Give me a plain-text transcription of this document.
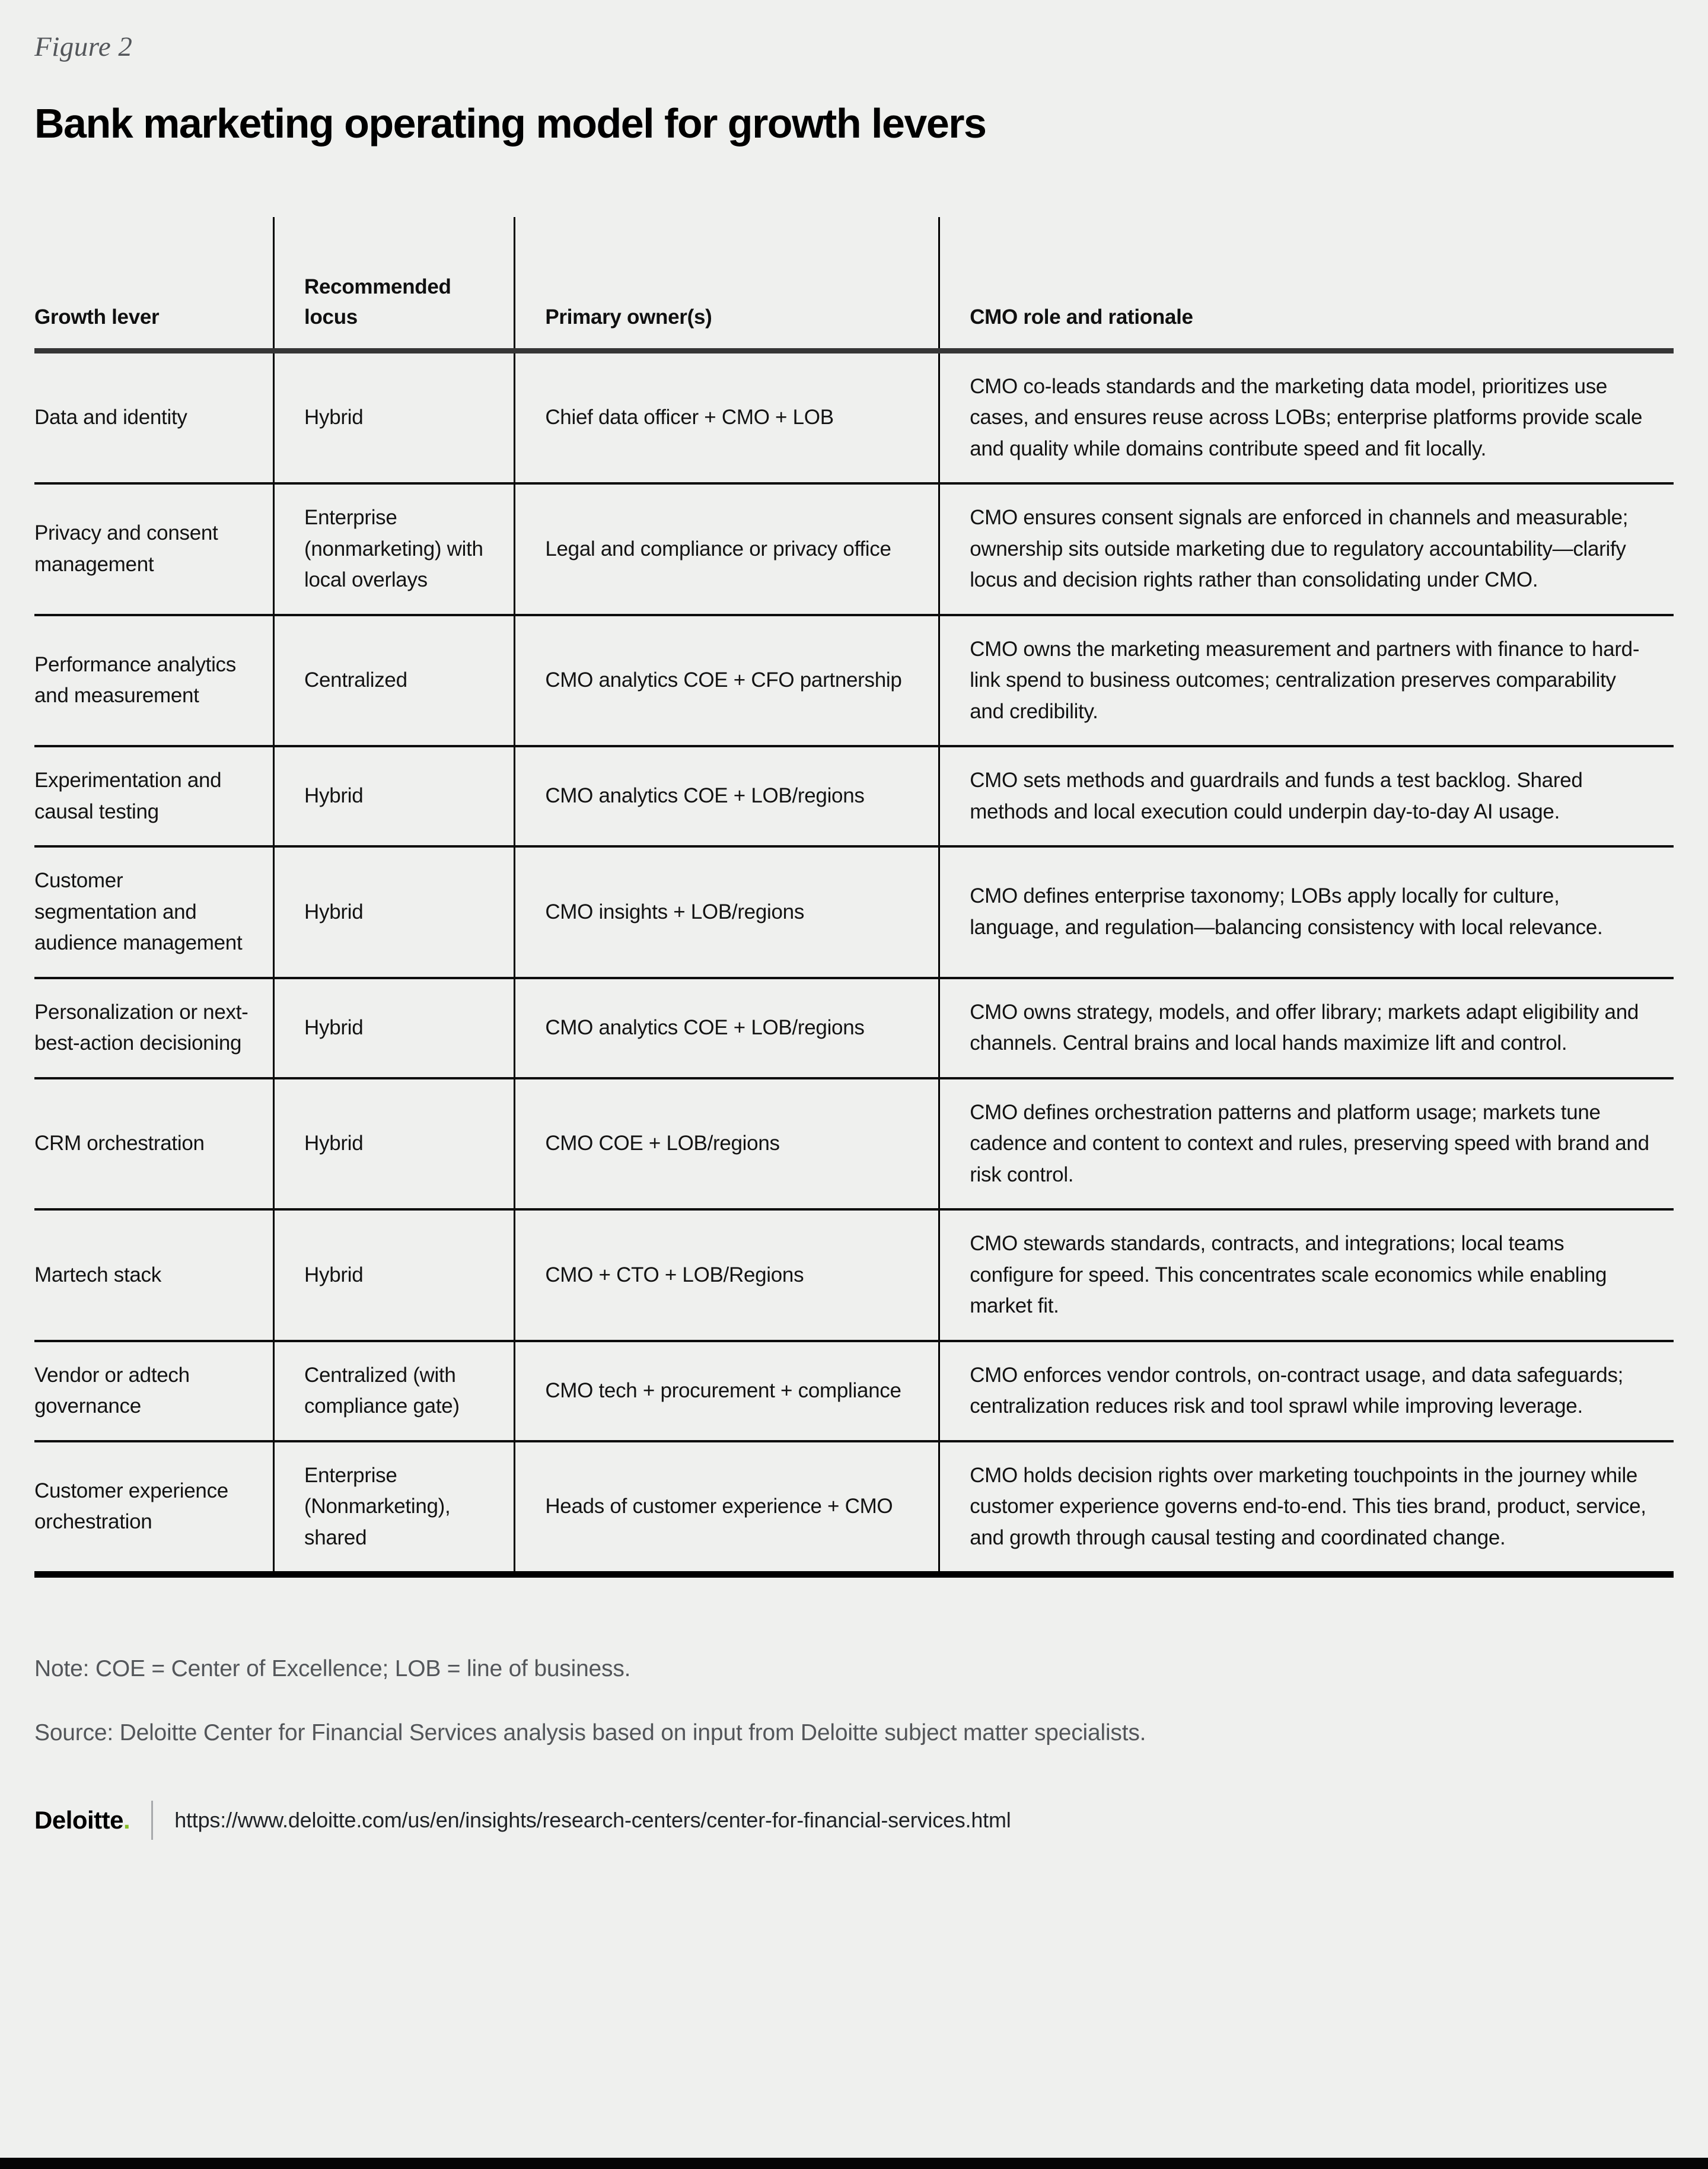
Figure 2
Bank marketing operating model for growth levers
Growth lever	Recommended locus	Primary owner(s)	CMO role and rationale
Data and identity	Hybrid	Chief data officer + CMO + LOB	CMO co-leads standards and the marketing data model, prioritizes use cases, and ensures reuse across LOBs; enterprise platforms provide scale and quality while domains contribute speed and fit locally.
Privacy and consent management	Enterprise (nonmarketing) with local overlays	Legal and compliance or privacy office	CMO ensures consent signals are enforced in channels and measurable; ownership sits outside marketing due to regulatory accountability—clarify locus and decision rights rather than consolidating under CMO.
Performance analytics and measurement	Centralized	CMO analytics COE + CFO partnership	CMO owns the marketing measurement and partners with finance to hard-link spend to business outcomes; centralization preserves comparability and credibility.
Experimentation and causal testing	Hybrid	CMO analytics COE + LOB/regions	CMO sets methods and guardrails and funds a test backlog. Shared methods and local execution could underpin day-to-day AI usage.
Customer segmentation and audience management	Hybrid	CMO insights + LOB/regions	CMO defines enterprise taxonomy; LOBs apply locally for culture, language, and regulation—balancing consistency with local relevance.
Personalization or next-best-action decisioning	Hybrid	CMO analytics COE + LOB/regions	CMO owns strategy, models, and offer library; markets adapt eligibility and channels. Central brains and local hands maximize lift and control.
CRM orchestration	Hybrid	CMO COE + LOB/regions	CMO defines orchestration patterns and platform usage; markets tune cadence and content to context and rules, preserving speed with brand and risk control.
Martech stack	Hybrid	CMO + CTO + LOB/Regions	CMO stewards standards, contracts, and integrations; local teams configure for speed. This concentrates scale economics while enabling market fit.
Vendor or adtech governance	Centralized (with compliance gate)	CMO tech + procurement + compliance	CMO enforces vendor controls, on-contract usage, and data safeguards; centralization reduces risk and tool sprawl while improving leverage.
Customer experience orchestration	Enterprise (Nonmarketing), shared	Heads of customer experience + CMO	CMO holds decision rights over marketing touchpoints in the journey while customer experience governs end-to-end. This ties brand, product, service, and growth through causal testing and coordinated change.
Note: COE = Center of Excellence; LOB = line of business.
Source: Deloitte Center for Financial Services analysis based on input from Deloitte subject matter specialists.
Deloitte. https://www.deloitte.com/us/en/insights/research-centers/center-for-financial-services.html
